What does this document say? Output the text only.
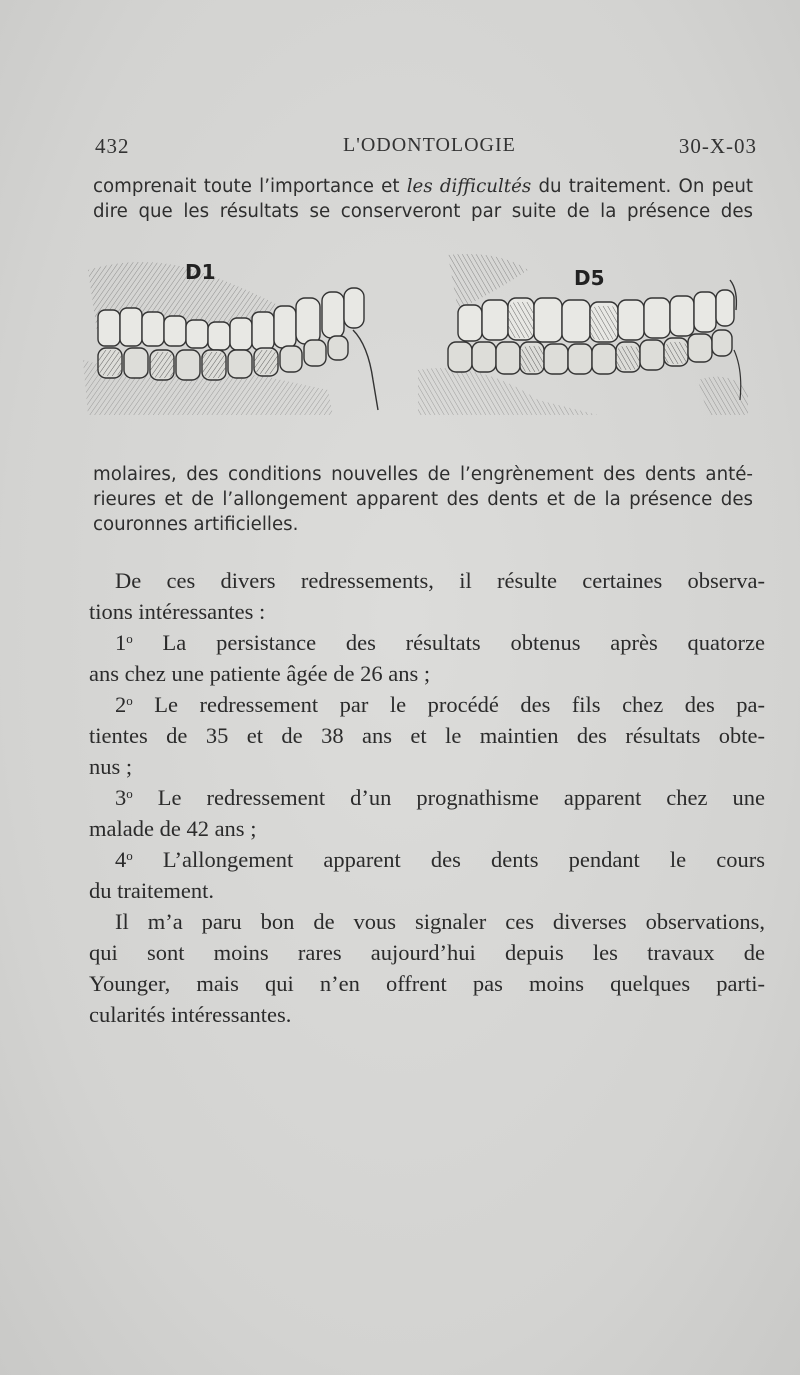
432	L'ODONTOLOGIE	30-X-03
comprenait toute l’importance et les difficultés du traitement. On peut
dire que les résultats se conserveront par suite de la présence des
D1	D5
molaires, des conditions nouvelles de l’engrènement des dents anté-
rieures et de l’allongement apparent des dents et de la présence des
couronnes artificielles.
De ces divers redressements, il résulte certaines observa-
tions intéressantes :
1$^o$ La persistance des résultats obtenus après quatorze
ans chez une patiente âgée de 26 ans ;
2$^o$ Le redressement par le procédé des fils chez des pa-
tientes de 35 et de 38 ans et le maintien des résultats obte-
nus ;
3$^o$ Le redressement d’un prognathisme apparent chez une
malade de 42 ans ;
4$^o$ L’allongement apparent des dents pendant le cours
du traitement.
Il m’a paru bon de vous signaler ces diverses observations,
qui sont moins rares aujourd’hui depuis les travaux de
Younger, mais qui n’en offrent pas moins quelques parti-
cularités intéressantes.
